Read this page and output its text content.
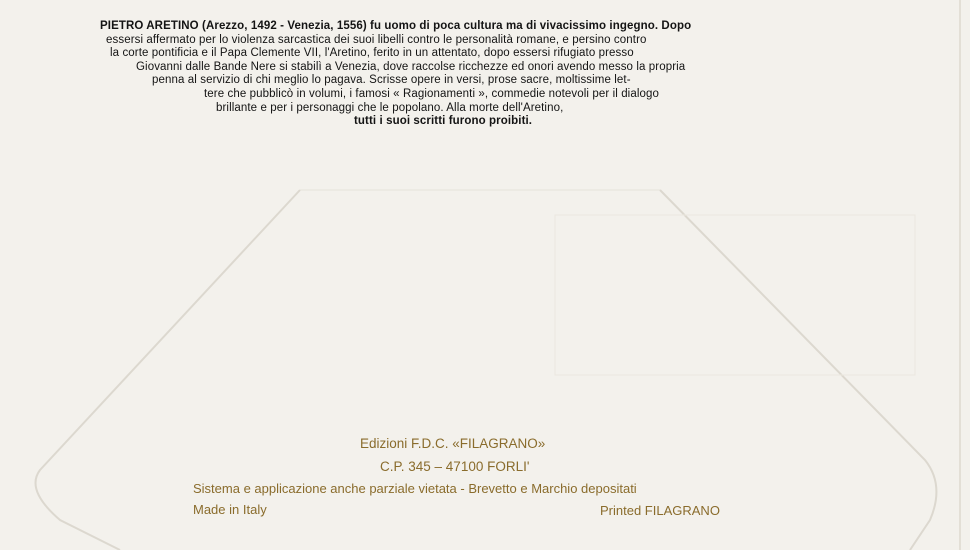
PIETRO ARETINO (Arezzo, 1492 - Venezia, 1556) fu uomo di poca cultura ma di vivacissimo ingegno. Dopo
essersi affermato per lo violenza sarcastica dei suoi libelli contro le personalità romane, e persino contro
la corte pontificia e il Papa Clemente VII, l'Aretino, ferito in un attentato, dopo essersi rifugiato presso
Giovanni dalle Bande Nere si stabilì a Venezia, dove raccolse ricchezze ed onori avendo messo la propria
penna al servizio di chi meglio lo pagava. Scrisse opere in versi, prose sacre, moltissime let-
tere che pubblicò in volumi, i famosi « Ragionamenti », commedie notevoli per il dialogo
brillante e per i personaggi che le popolano. Alla morte dell'Aretino,
tutti i suoi scritti furono proibiti.
Edizioni F.D.C. «FILAGRANO»
C.P. 345 – 47100 FORLI'
Sistema e applicazione anche parziale vietata - Brevetto e Marchio depositati
Made in Italy	Printed FILAGRANO
